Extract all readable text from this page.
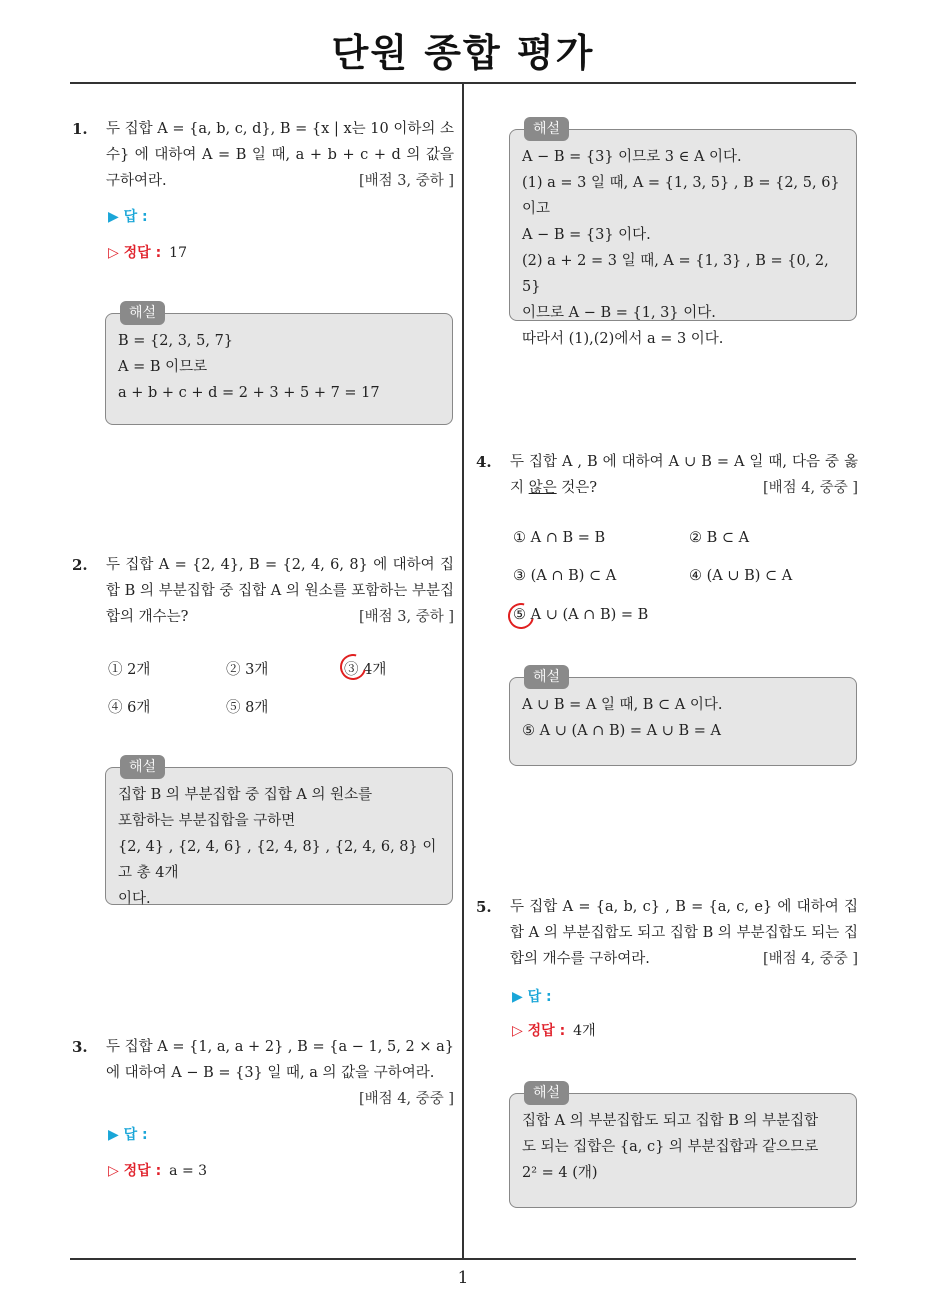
단원 종합 평가
1
1. 두 집합 A = {a, b, c, d}, B = {x | x는 10 이하의 소수} 에 대하여 A = B 일 때, a + b + c + d 의 값을 구하여라.	[배점 3, 중하 ]
▶ 답 :
▷ 정답 : 17
해설
B = {2, 3, 5, 7}
A = B 이므로
a + b + c + d = 2 + 3 + 5 + 7 = 17
2. 두 집합 A = {2, 4}, B = {2, 4, 6, 8} 에 대하여 집합 B 의 부분집합 중 집합 A 의 원소를 포함하는 부분집합의 개수는?	[배점 3, 중하 ]
① 2개	② 3개	③ 4개
④ 6개	⑤ 8개
해설
집합 B 의 부분집합 중 집합 A 의 원소를
포함하는 부분집합을 구하면
{2, 4} , {2, 4, 6} , {2, 4, 8} , {2, 4, 6, 8} 이고 총 4개
이다.
3. 두 집합 A = {1, a, a + 2} , B = {a − 1, 5, 2 × a} 에 대하여 A − B = {3} 일 때, a 의 값을 구하여라.
[배점 4, 중중 ]
▶ 답 :
▷ 정답 : a = 3
해설
A − B = {3} 이므로 3 ∈ A 이다.
(1) a = 3 일 때, A = {1, 3, 5} , B = {2, 5, 6} 이고
A − B = {3} 이다.
(2) a + 2 = 3 일 때, A = {1, 3} , B = {0, 2, 5}
이므로 A − B = {1, 3} 이다.
따라서 (1),(2)에서 a = 3 이다.
4. 두 집합 A , B 에 대하여 A ∪ B = A 일 때, 다음 중 옳지 않은 것은?	[배점 4, 중중 ]
① A ∩ B = B	② B ⊂ A
③ (A ∩ B) ⊂ A	④ (A ∪ B) ⊂ A
⑤ A ∪ (A ∩ B) = B
해설
A ∪ B = A 일 때, B ⊂ A 이다.
⑤ A ∪ (A ∩ B) = A ∪ B = A
5. 두 집합 A = {a, b, c} , B = {a, c, e} 에 대하여 집합 A 의 부분집합도 되고 집합 B 의 부분집합도 되는 집합의 개수를 구하여라.	[배점 4, 중중 ]
▶ 답 :
▷ 정답 : 4개
해설
집합 A 의 부분집합도 되고 집합 B 의 부분집합
도 되는 집합은 {a, c} 의 부분집합과 같으므로
2² = 4 (개)
